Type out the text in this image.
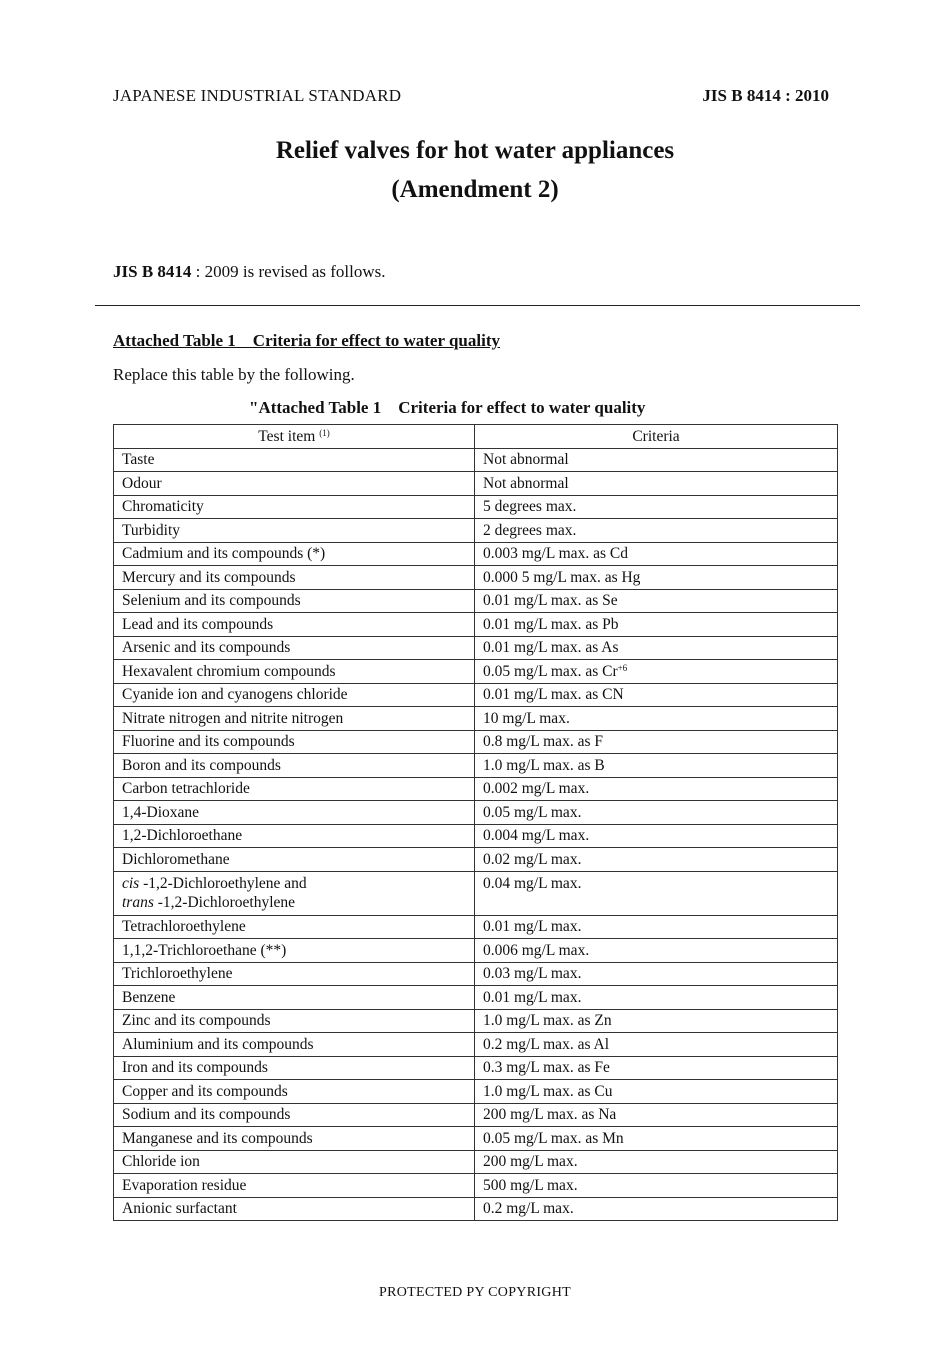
JAPANESE INDUSTRIAL STANDARD	JIS B 8414 : 2010
Relief valves for hot water appliances
(Amendment 2)
JIS B 8414 : 2009 is revised as follows.
Attached Table 1    Criteria for effect to water quality
Replace this table by the following.
"Attached Table 1    Criteria for effect to water quality
Test item $^{(1)}$	Criteria
Taste	Not abnormal
Odour	Not abnormal
Chromaticity	5 degrees max.
Turbidity	2 degrees max.
Cadmium and its compounds (*)	0.003 mg/L max. as Cd
Mercury and its compounds	0.000 5 mg/L max. as Hg
Selenium and its compounds	0.01 mg/L max. as Se
Lead and its compounds	0.01 mg/L max. as Pb
Arsenic and its compounds	0.01 mg/L max. as As
Hexavalent chromium compounds	0.05 mg/L max. as $Cr^{+6}$
Cyanide ion and cyanogens chloride	0.01 mg/L max. as CN
Nitrate nitrogen and nitrite nitrogen	10 mg/L max.
Fluorine and its compounds	0.8 mg/L max. as F
Boron and its compounds	1.0 mg/L max. as B
Carbon tetrachloride	0.002 mg/L max.
1,4-Dioxane	0.05 mg/L max.
1,2-Dichloroethane	0.004 mg/L max.
Dichloromethane	0.02 mg/L max.
cis -1,2-Dichloroethylene and
trans -1,2-Dichloroethylene	0.04 mg/L max.
Tetrachloroethylene	0.01 mg/L max.
1,1,2-Trichloroethane (**)	0.006 mg/L max.
Trichloroethylene	0.03 mg/L max.
Benzene	0.01 mg/L max.
Zinc and its compounds	1.0 mg/L max. as Zn
Aluminium and its compounds	0.2 mg/L max. as Al
Iron and its compounds	0.3 mg/L max. as Fe
Copper and its compounds	1.0 mg/L max. as Cu
Sodium and its compounds	200 mg/L max. as Na
Manganese and its compounds	0.05 mg/L max. as Mn
Chloride ion	200 mg/L max.
Evaporation residue	500 mg/L max.
Anionic surfactant	0.2 mg/L max.
PROTECTED PY COPYRIGHT
